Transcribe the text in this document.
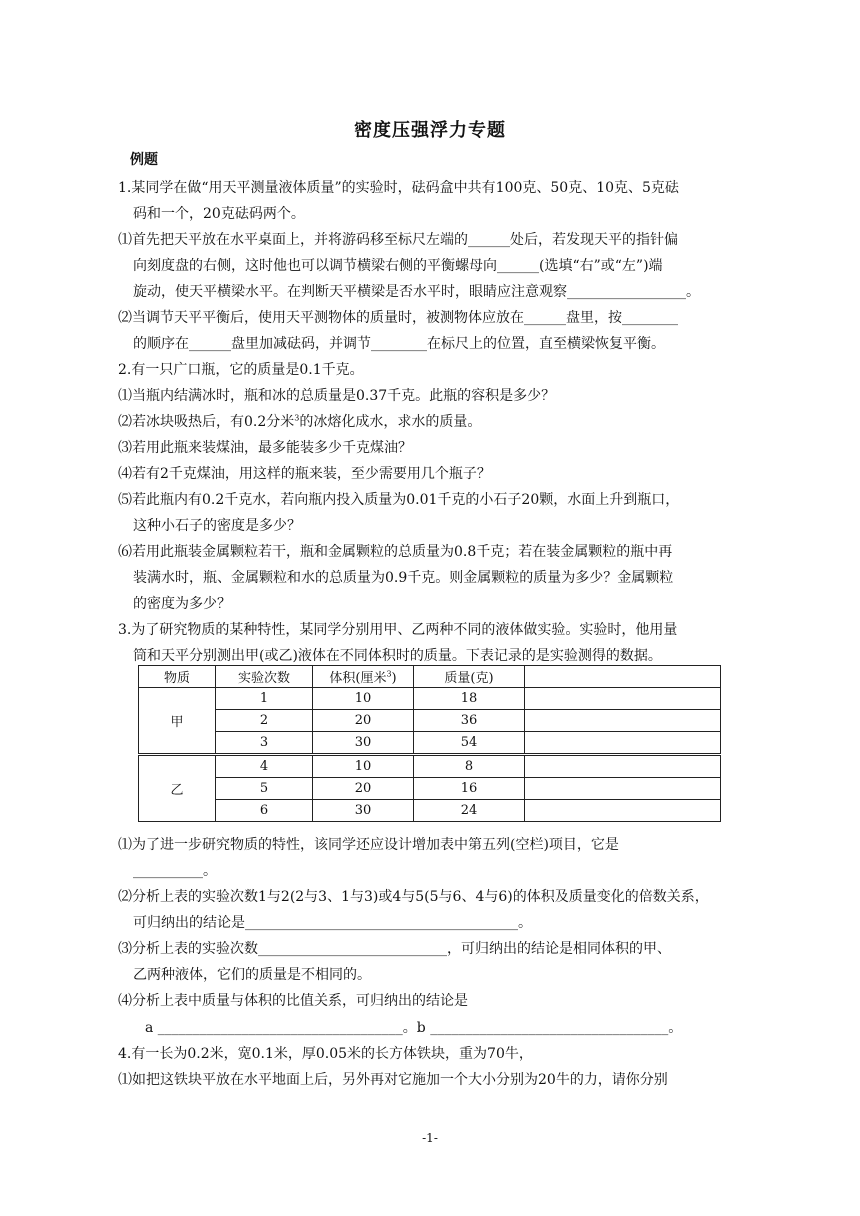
密度压强浮力专题
例题
1.某同学在做“用天平测量液体质量”的实验时，砝码盒中共有100克、50克、10克、5克砝
码和一个，20克砝码两个。
⑴首先把天平放在水平桌面上，并将游码移至标尺左端的______处后，若发现天平的指针偏
向刻度盘的右侧，这时他也可以调节横梁右侧的平衡螺母向______(选填“右”或“左”)端
旋动，使天平横梁水平。在判断天平横梁是否水平时，眼睛应注意观察_________________。
⑵当调节天平平衡后，使用天平测物体的质量时，被测物体应放在______盘里，按________
的顺序在______盘里加减砝码，并调节________在标尺上的位置，直至横梁恢复平衡。
2.有一只广口瓶，它的质量是0.1千克。
⑴当瓶内结满冰时，瓶和冰的总质量是0.37千克。此瓶的容积是多少？
⑵若冰块吸热后，有0.2分米$^3$的冰熔化成水，求水的质量。
⑶若用此瓶来装煤油，最多能装多少千克煤油？
⑷若有2千克煤油，用这样的瓶来装，至少需要用几个瓶子？
⑸若此瓶内有0.2千克水，若向瓶内投入质量为0.01千克的小石子20颗，水面上升到瓶口，
这种小石子的密度是多少？
⑹若用此瓶装金属颗粒若干，瓶和金属颗粒的总质量为0.8千克；若在装金属颗粒的瓶中再
装满水时，瓶、金属颗粒和水的总质量为0.9千克。则金属颗粒的质量为多少？金属颗粒
的密度为多少？
3.为了研究物质的某种特性，某同学分别用甲、乙两种不同的液体做实验。实验时，他用量
筒和天平分别测出甲(或乙)液体在不同体积时的质量。下表记录的是实验测得的数据。
物质	实验次数	体积(厘米$^3$)	质量(克)	
甲	1	10	18	
	2	20	36	
	3	30	54	
乙	4	10	8	
	5	20	16	
	6	30	24	
⑴为了进一步研究物质的特性，该同学还应设计增加表中第五列(空栏)项目，它是
__________。
⑵分析上表的实验次数1与2(2与3、1与3)或4与5(5与6、4与6)的体积及质量变化的倍数关系，
可归纳出的结论是_______________________________________。
⑶分析上表的实验次数___________________________，可归纳出的结论是相同体积的甲、
乙两种液体，它们的质量是不相同的。
⑷分析上表中质量与体积的比值关系，可归纳出的结论是
a ___________________________________。b __________________________________。
4.有一长为0.2米，宽0.1米，厚0.05米的长方体铁块，重为70牛，
⑴如把这铁块平放在水平地面上后，另外再对它施加一个大小分别为20牛的力，请你分别
-1-
